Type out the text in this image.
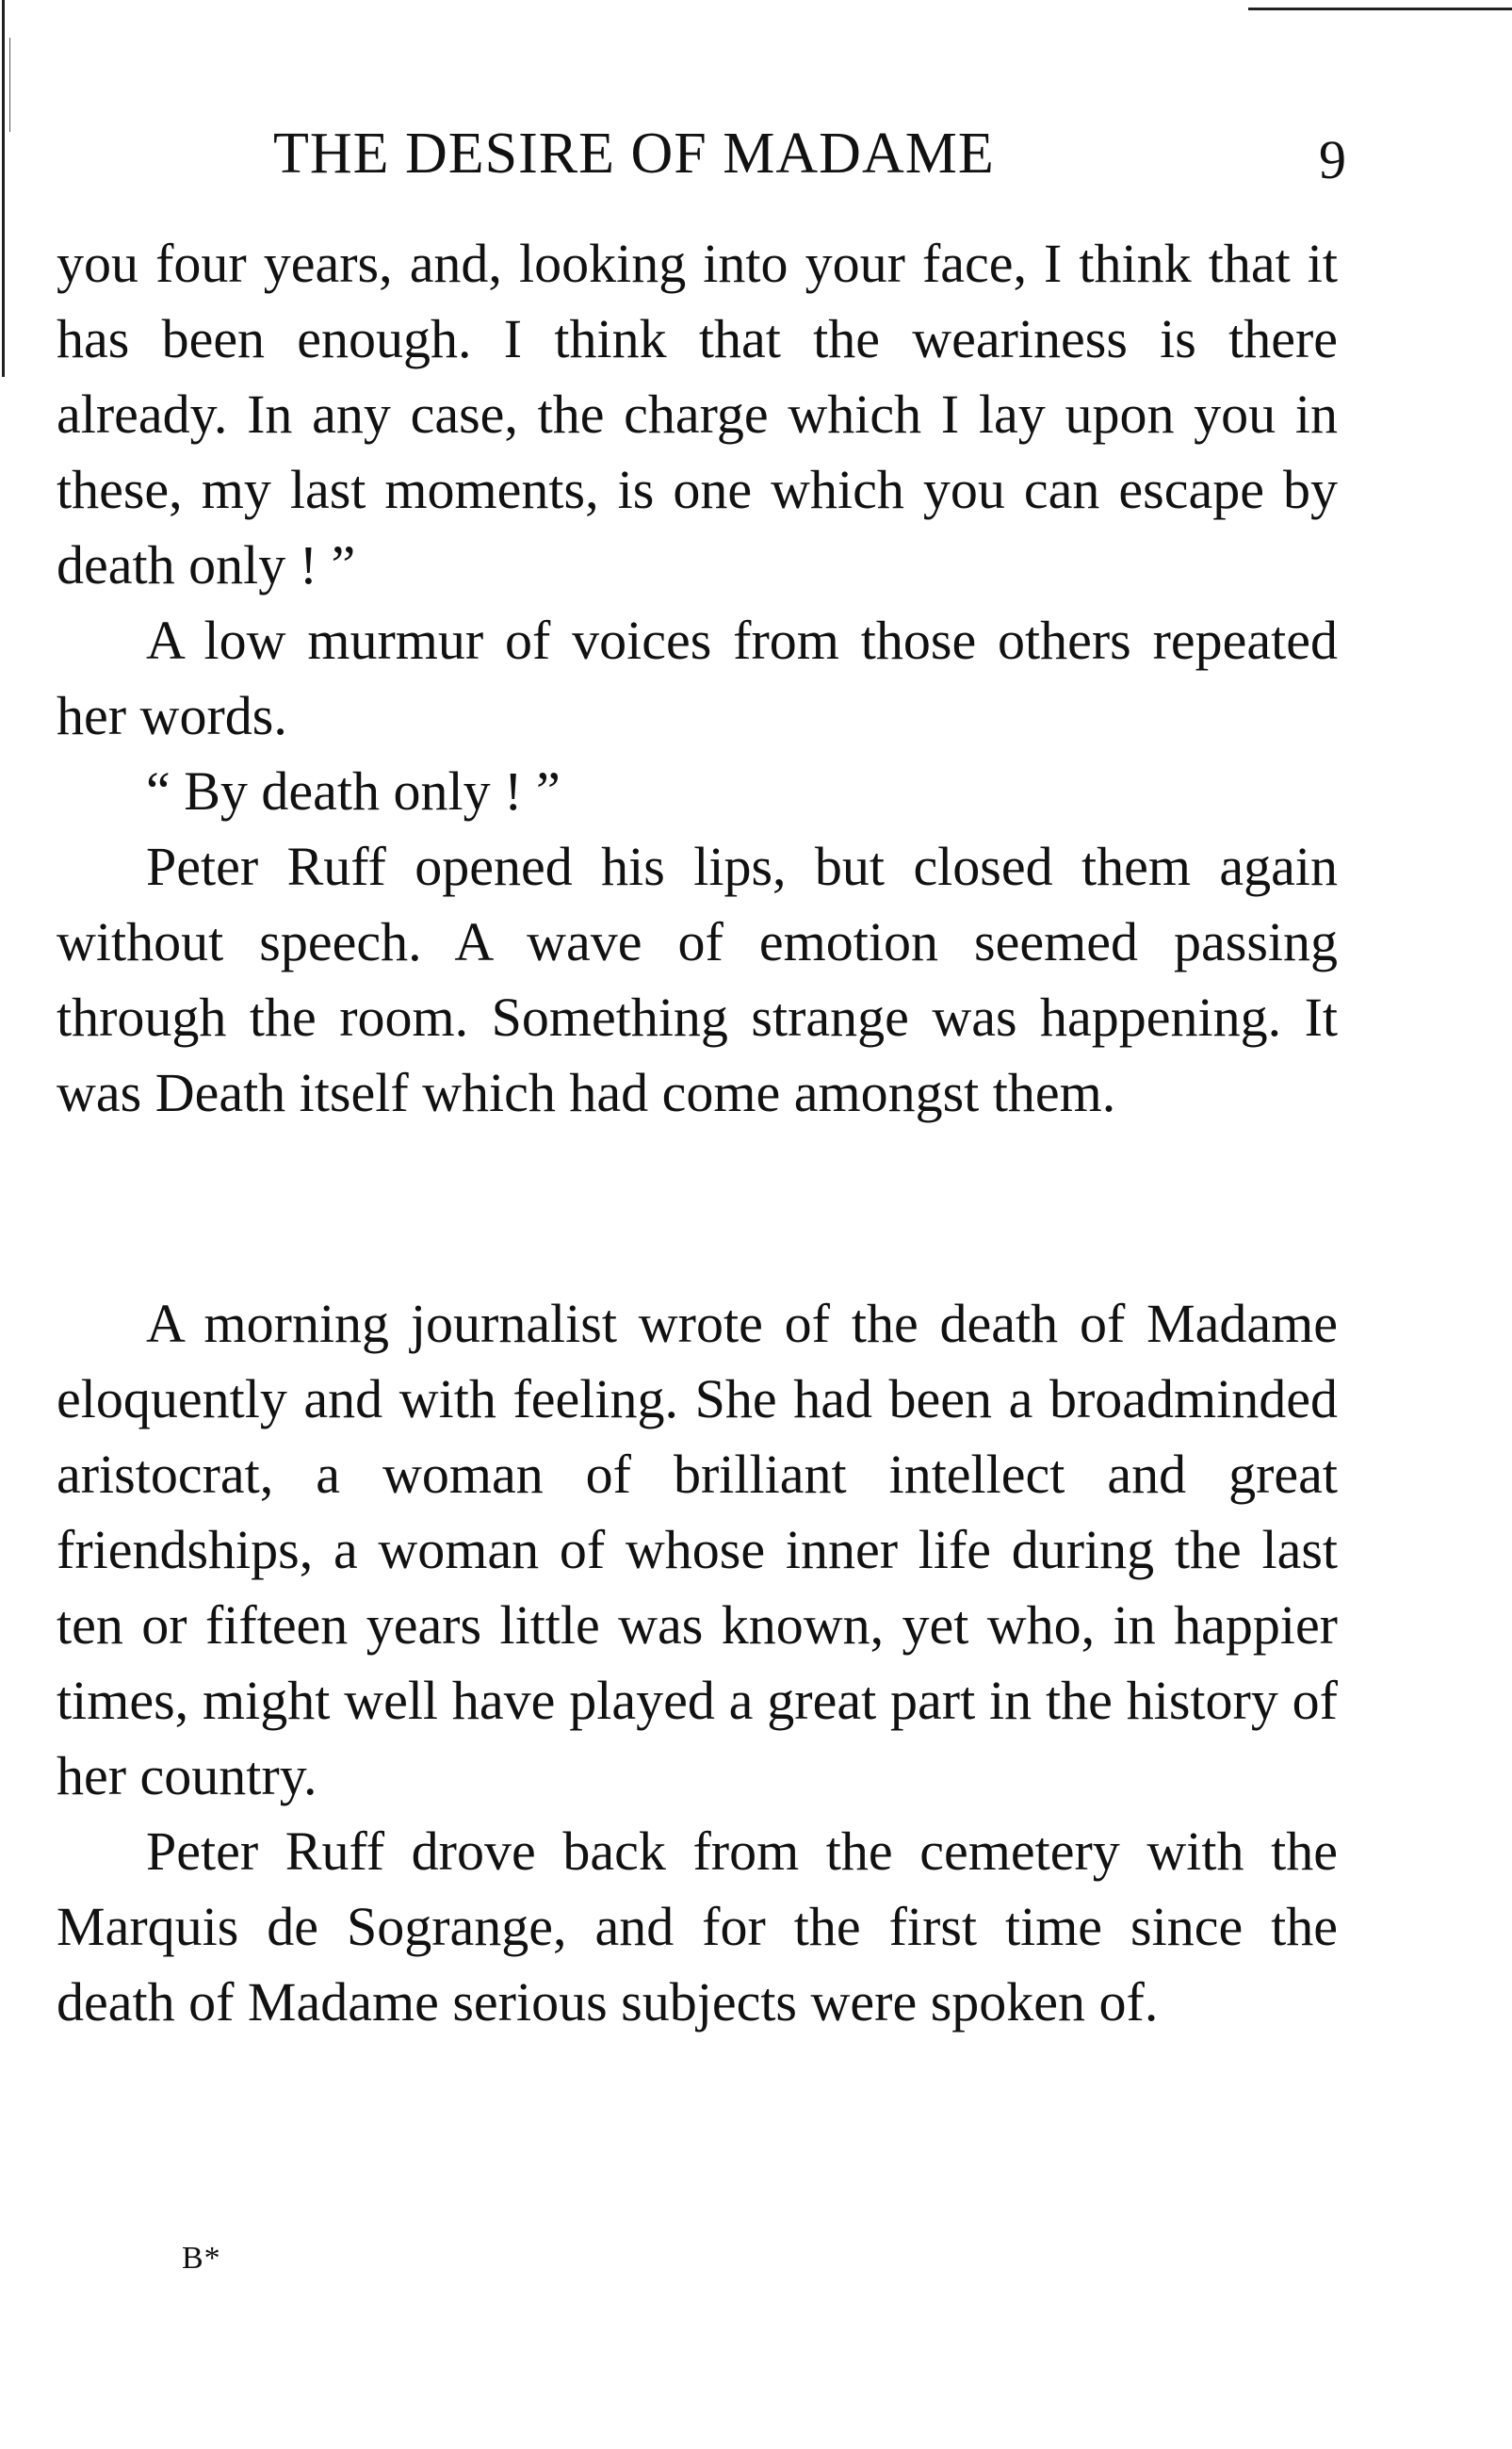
THE DESIRE OF MADAME	9

you four years, and, looking into your face, I think that it has been enough. I think that the weariness is there already. In any case, the charge which I lay upon you in these, my last moments, is one which you can escape by death only ! ”

A low murmur of voices from those others repeated her words.

“ By death only ! ”

Peter Ruff opened his lips, but closed them again without speech. A wave of emotion seemed passing through the room. Something strange was happening. It was Death itself which had come amongst them.

A morning journalist wrote of the death of Madame eloquently and with feeling. She had been a broadminded aristocrat, a woman of brilliant intellect and great friendships, a woman of whose inner life during the last ten or fifteen years little was known, yet who, in happier times, might well have played a great part in the history of her country.

Peter Ruff drove back from the cemetery with the Marquis de Sogrange, and for the first time since the death of Madame serious subjects were spoken of.

B*
